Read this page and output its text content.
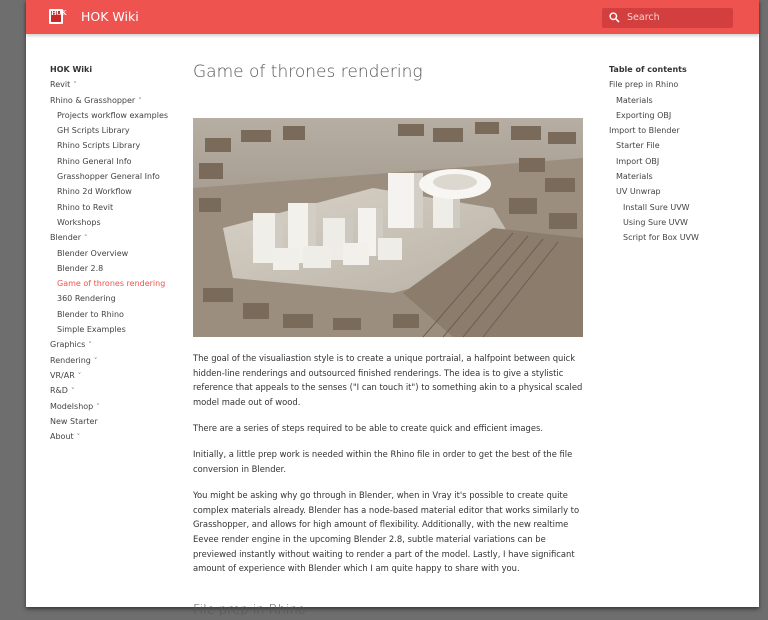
HOK HOK Wiki	Search
HOK Wiki
Revit ˅
Rhino & Grasshopper ˄
Projects workflow examples
GH Scripts Library
Rhino Scripts Library
Rhino General Info
Grasshopper General Info
Rhino 2d Workflow
Rhino to Revit
Workshops
Blender ˄
Blender Overview
Blender 2.8
Game of thrones rendering
360 Rendering
Blender to Rhino
Simple Examples
Graphics ˅
Rendering ˅
VR/AR ˅
R&D ˅
Modelshop ˅
New Starter
About ˅
Game of thrones rendering

The goal of the visualiastion style is to create a unique portraial, a halfpoint between quick hidden-line renderings and outsourced finished renderings. The idea is to give a stylistic reference that appeals to the senses ("I can touch it") to something akin to a physical scaled model made out of wood.

There are a series of steps required to be able to create quick and efficient images.

Initially, a little prep work is needed within the Rhino file in order to get the best of the file conversion in Blender.

You might be asking why go through in Blender, when in Vray it's possible to create quite complex materials already. Blender has a node-based material editor that works similarly to Grasshopper, and allows for high amount of flexibility. Additionally, with the new realtime Eevee render engine in the upcoming Blender 2.8, subtle material variations can be previewed instantly without waiting to render a part of the model. Lastly, I have significant amount of experience with Blender which I am quite happy to share with you.

File prep in Rhino
Table of contents
File prep in Rhino
Materials
Exporting OBJ
Import to Blender
Starter File
Import OBJ
Materials
UV Unwrap
Install Sure UVW
Using Sure UVW
Script for Box UVW
